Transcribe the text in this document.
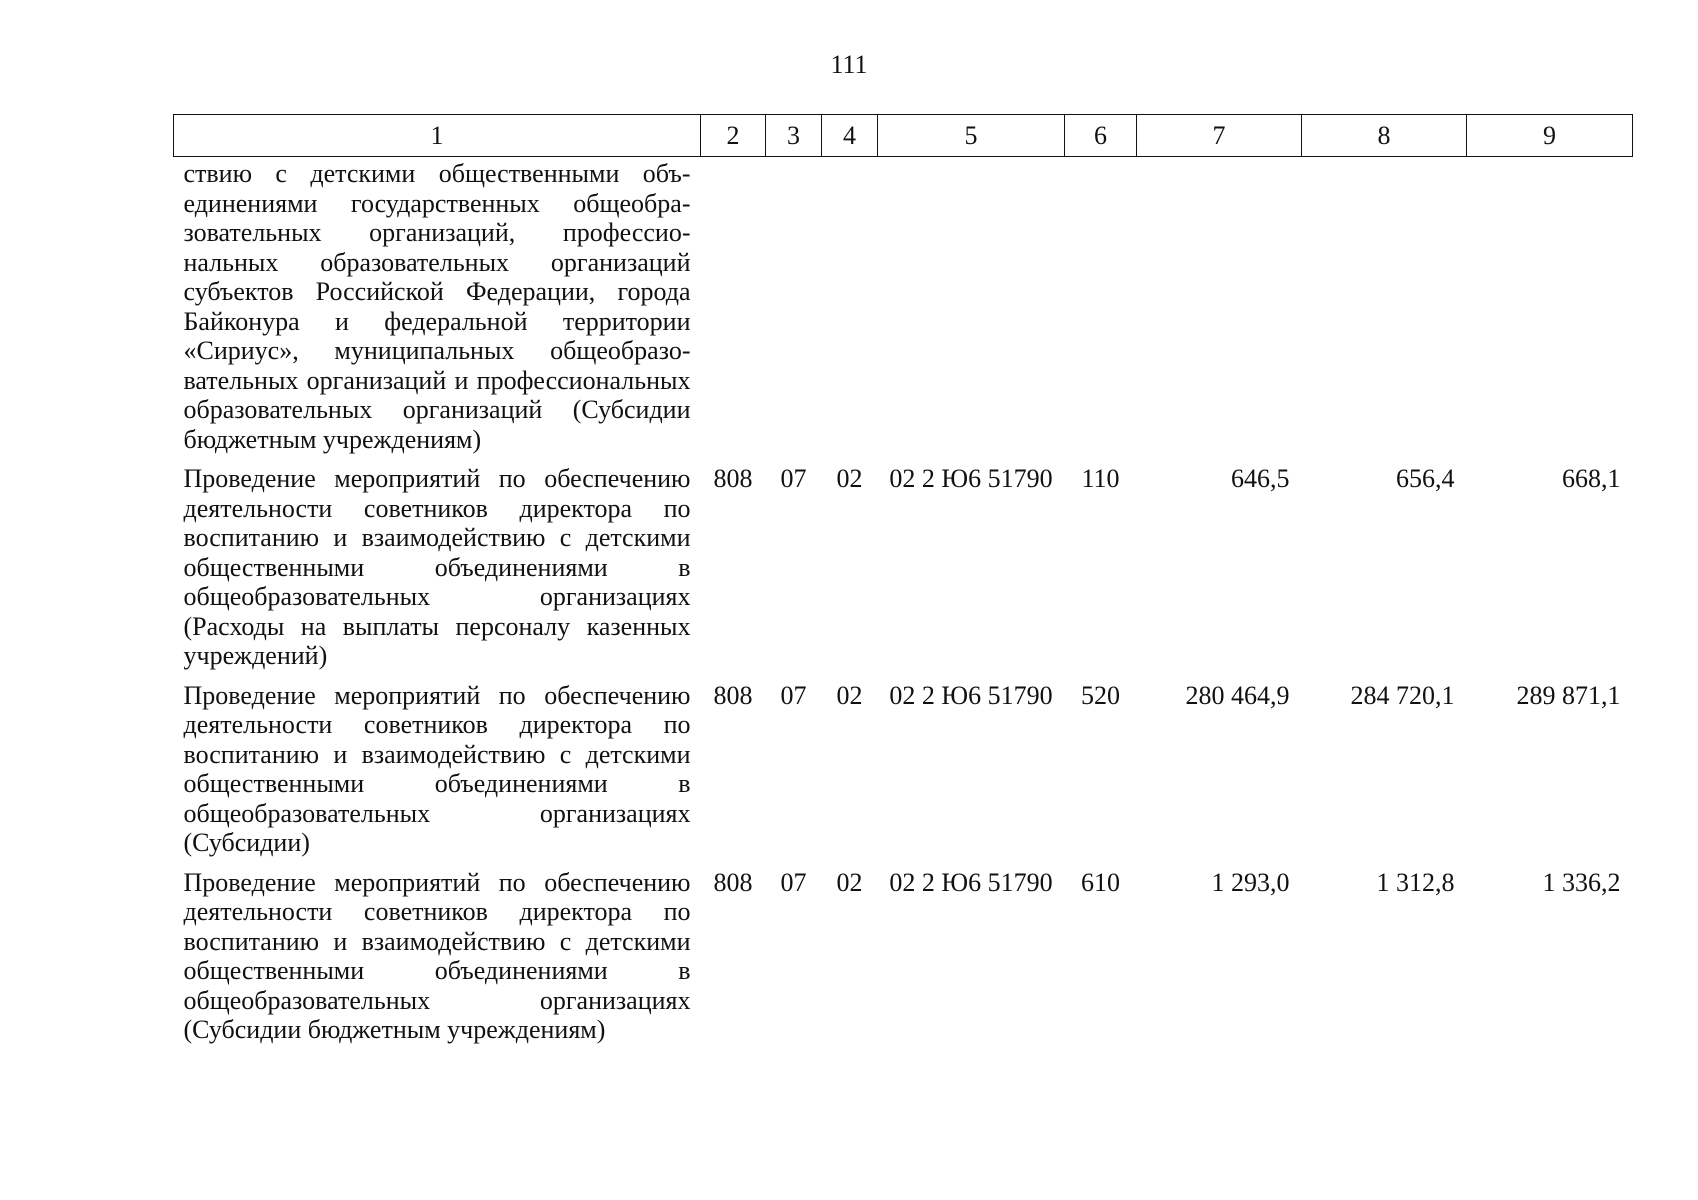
111
1	2	3	4	5	6	7	8	9
ствию с детскими общественными объединениями государственных общеобразовательных организаций, профессиональных образовательных организаций субъектов Российской Федерации, города Байконура и федеральной территории «Сириус», муниципальных общеобразовательных организаций и профессиональных образовательных организаций (Субсидии бюджетным учреждениям)								
Проведение мероприятий по обеспечению деятельности советников директора по воспитанию и взаимодействию с детскими общественными объединениями в общеобразовательных организациях (Расходы на выплаты персоналу казенных учреждений)	808	07	02	02 2 Ю6 51790	110	646,5	656,4	668,1
Проведение мероприятий по обеспечению деятельности советников директора по воспитанию и взаимодействию с детскими общественными объединениями в общеобразовательных организациях (Субсидии)	808	07	02	02 2 Ю6 51790	520	280 464,9	284 720,1	289 871,1
Проведение мероприятий по обеспечению деятельности советников директора по воспитанию и взаимодействию с детскими общественными объединениями в общеобразовательных организациях (Субсидии бюджетным учреждениям)	808	07	02	02 2 Ю6 51790	610	1 293,0	1 312,8	1 336,2
